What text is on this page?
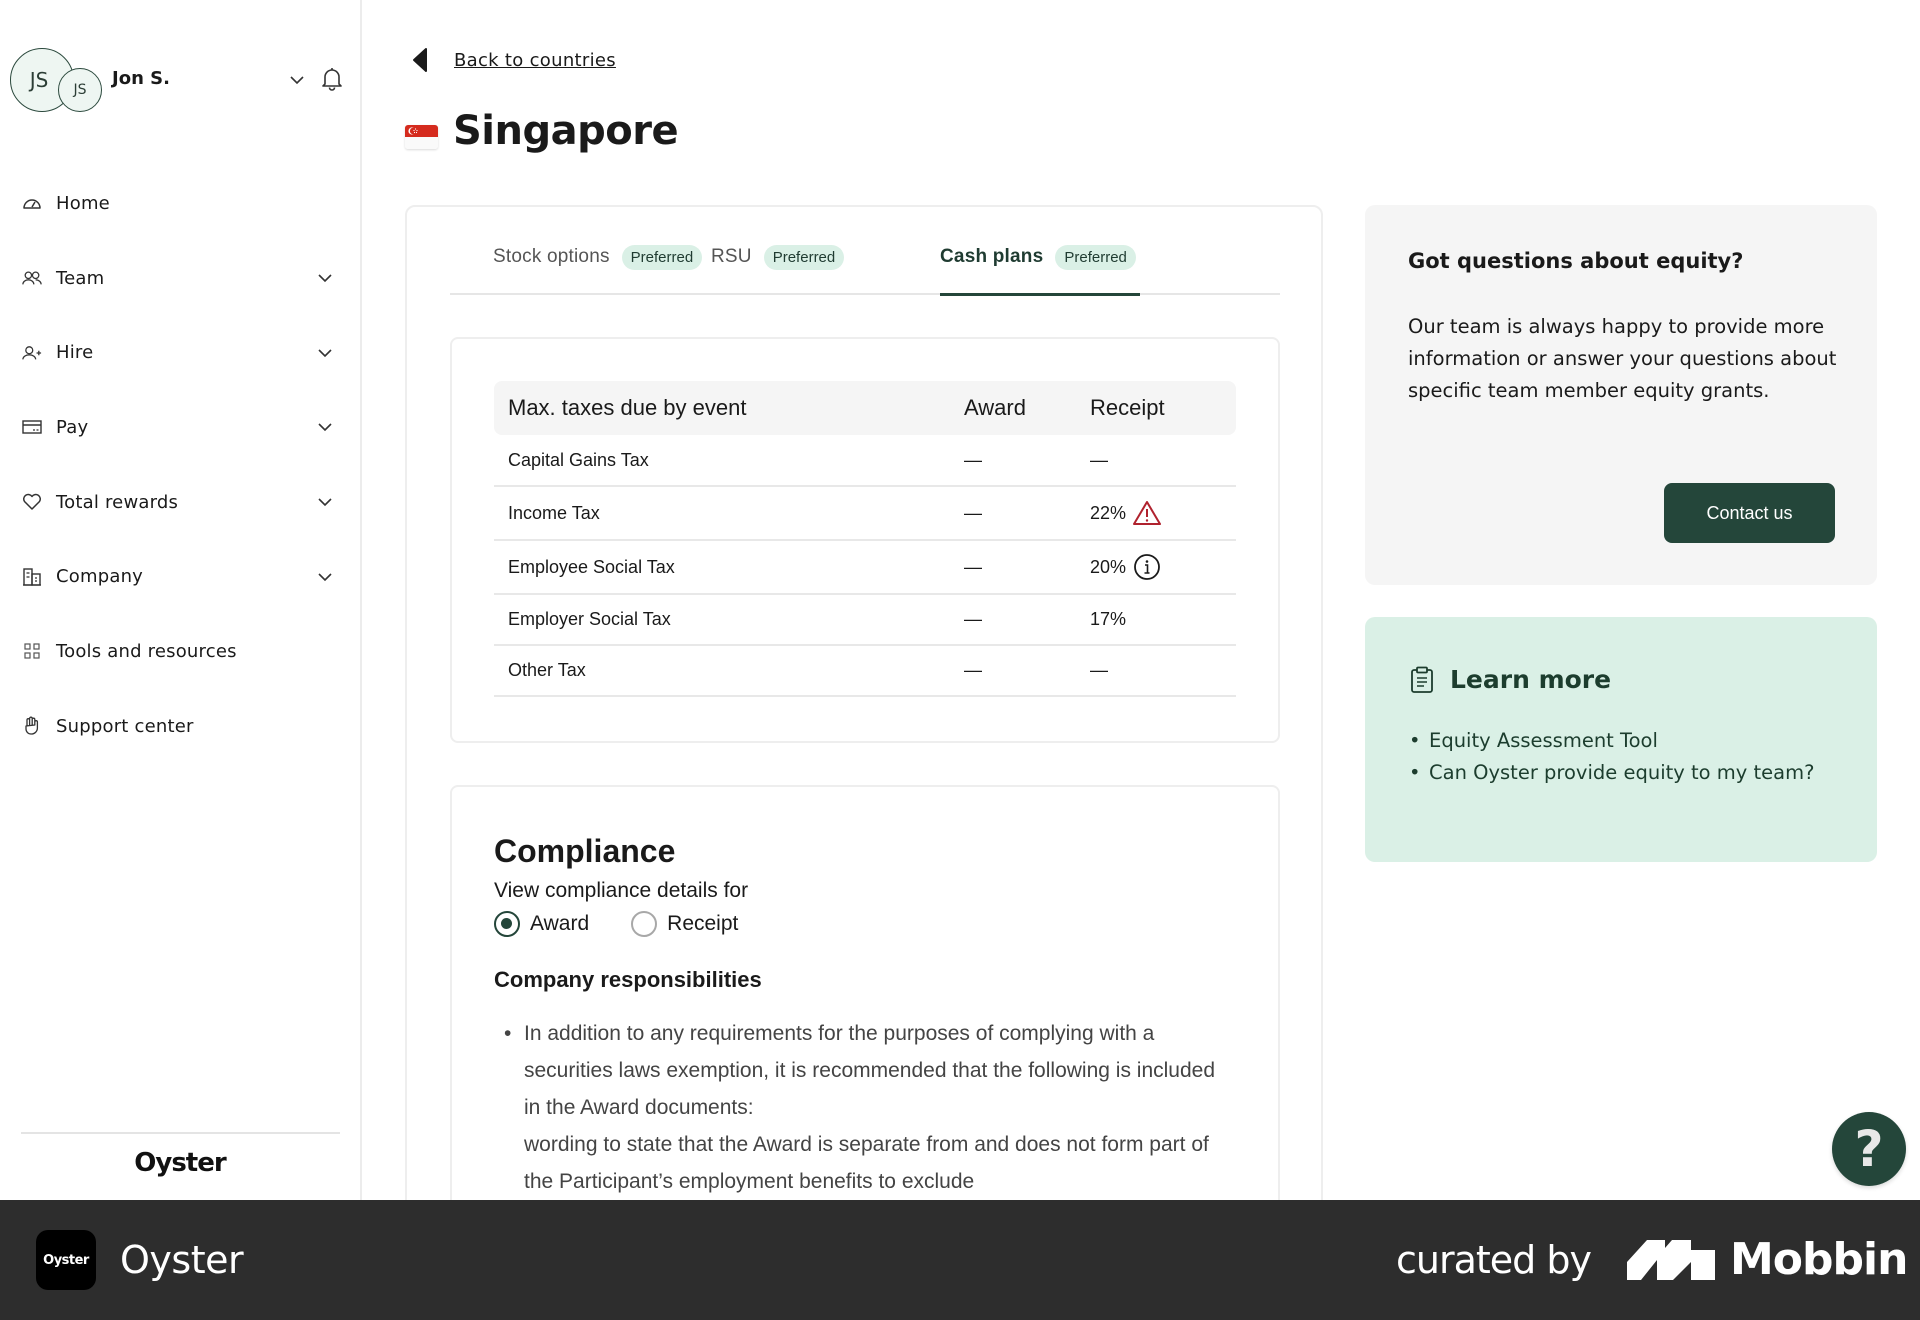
JS	JS
Jon S.
Home
Team
Hire
Pay
Total rewards
Company
Tools and resources
Support center
Oyster
Back to countries
Singapore
Stock options	Preferred RSU	Preferred	Cash plans	Preferred
Max. taxes due by event	Award	Receipt
Capital Gains Tax	—	—
Income Tax	—	22%
Employee Social Tax	—	20%
Employer Social Tax	—	17%
Other Tax	—	—
Compliance
View compliance details for
Award	Receipt
Company responsibilities
• In addition to any requirements for the purposes of complying with a securities laws exemption, it is recommended that the following is included in the Award documents:
wording to state that the Award is separate from and does not form part of the Participant’s employment benefits to exclude
Got questions about equity?

Our team is always happy to provide more information or answer your questions about specific team member equity grants.

Contact us
Learn more
• Equity Assessment Tool
• Can Oyster provide equity to my team?
?
Oyster Oyster	curated by	Mobbin
